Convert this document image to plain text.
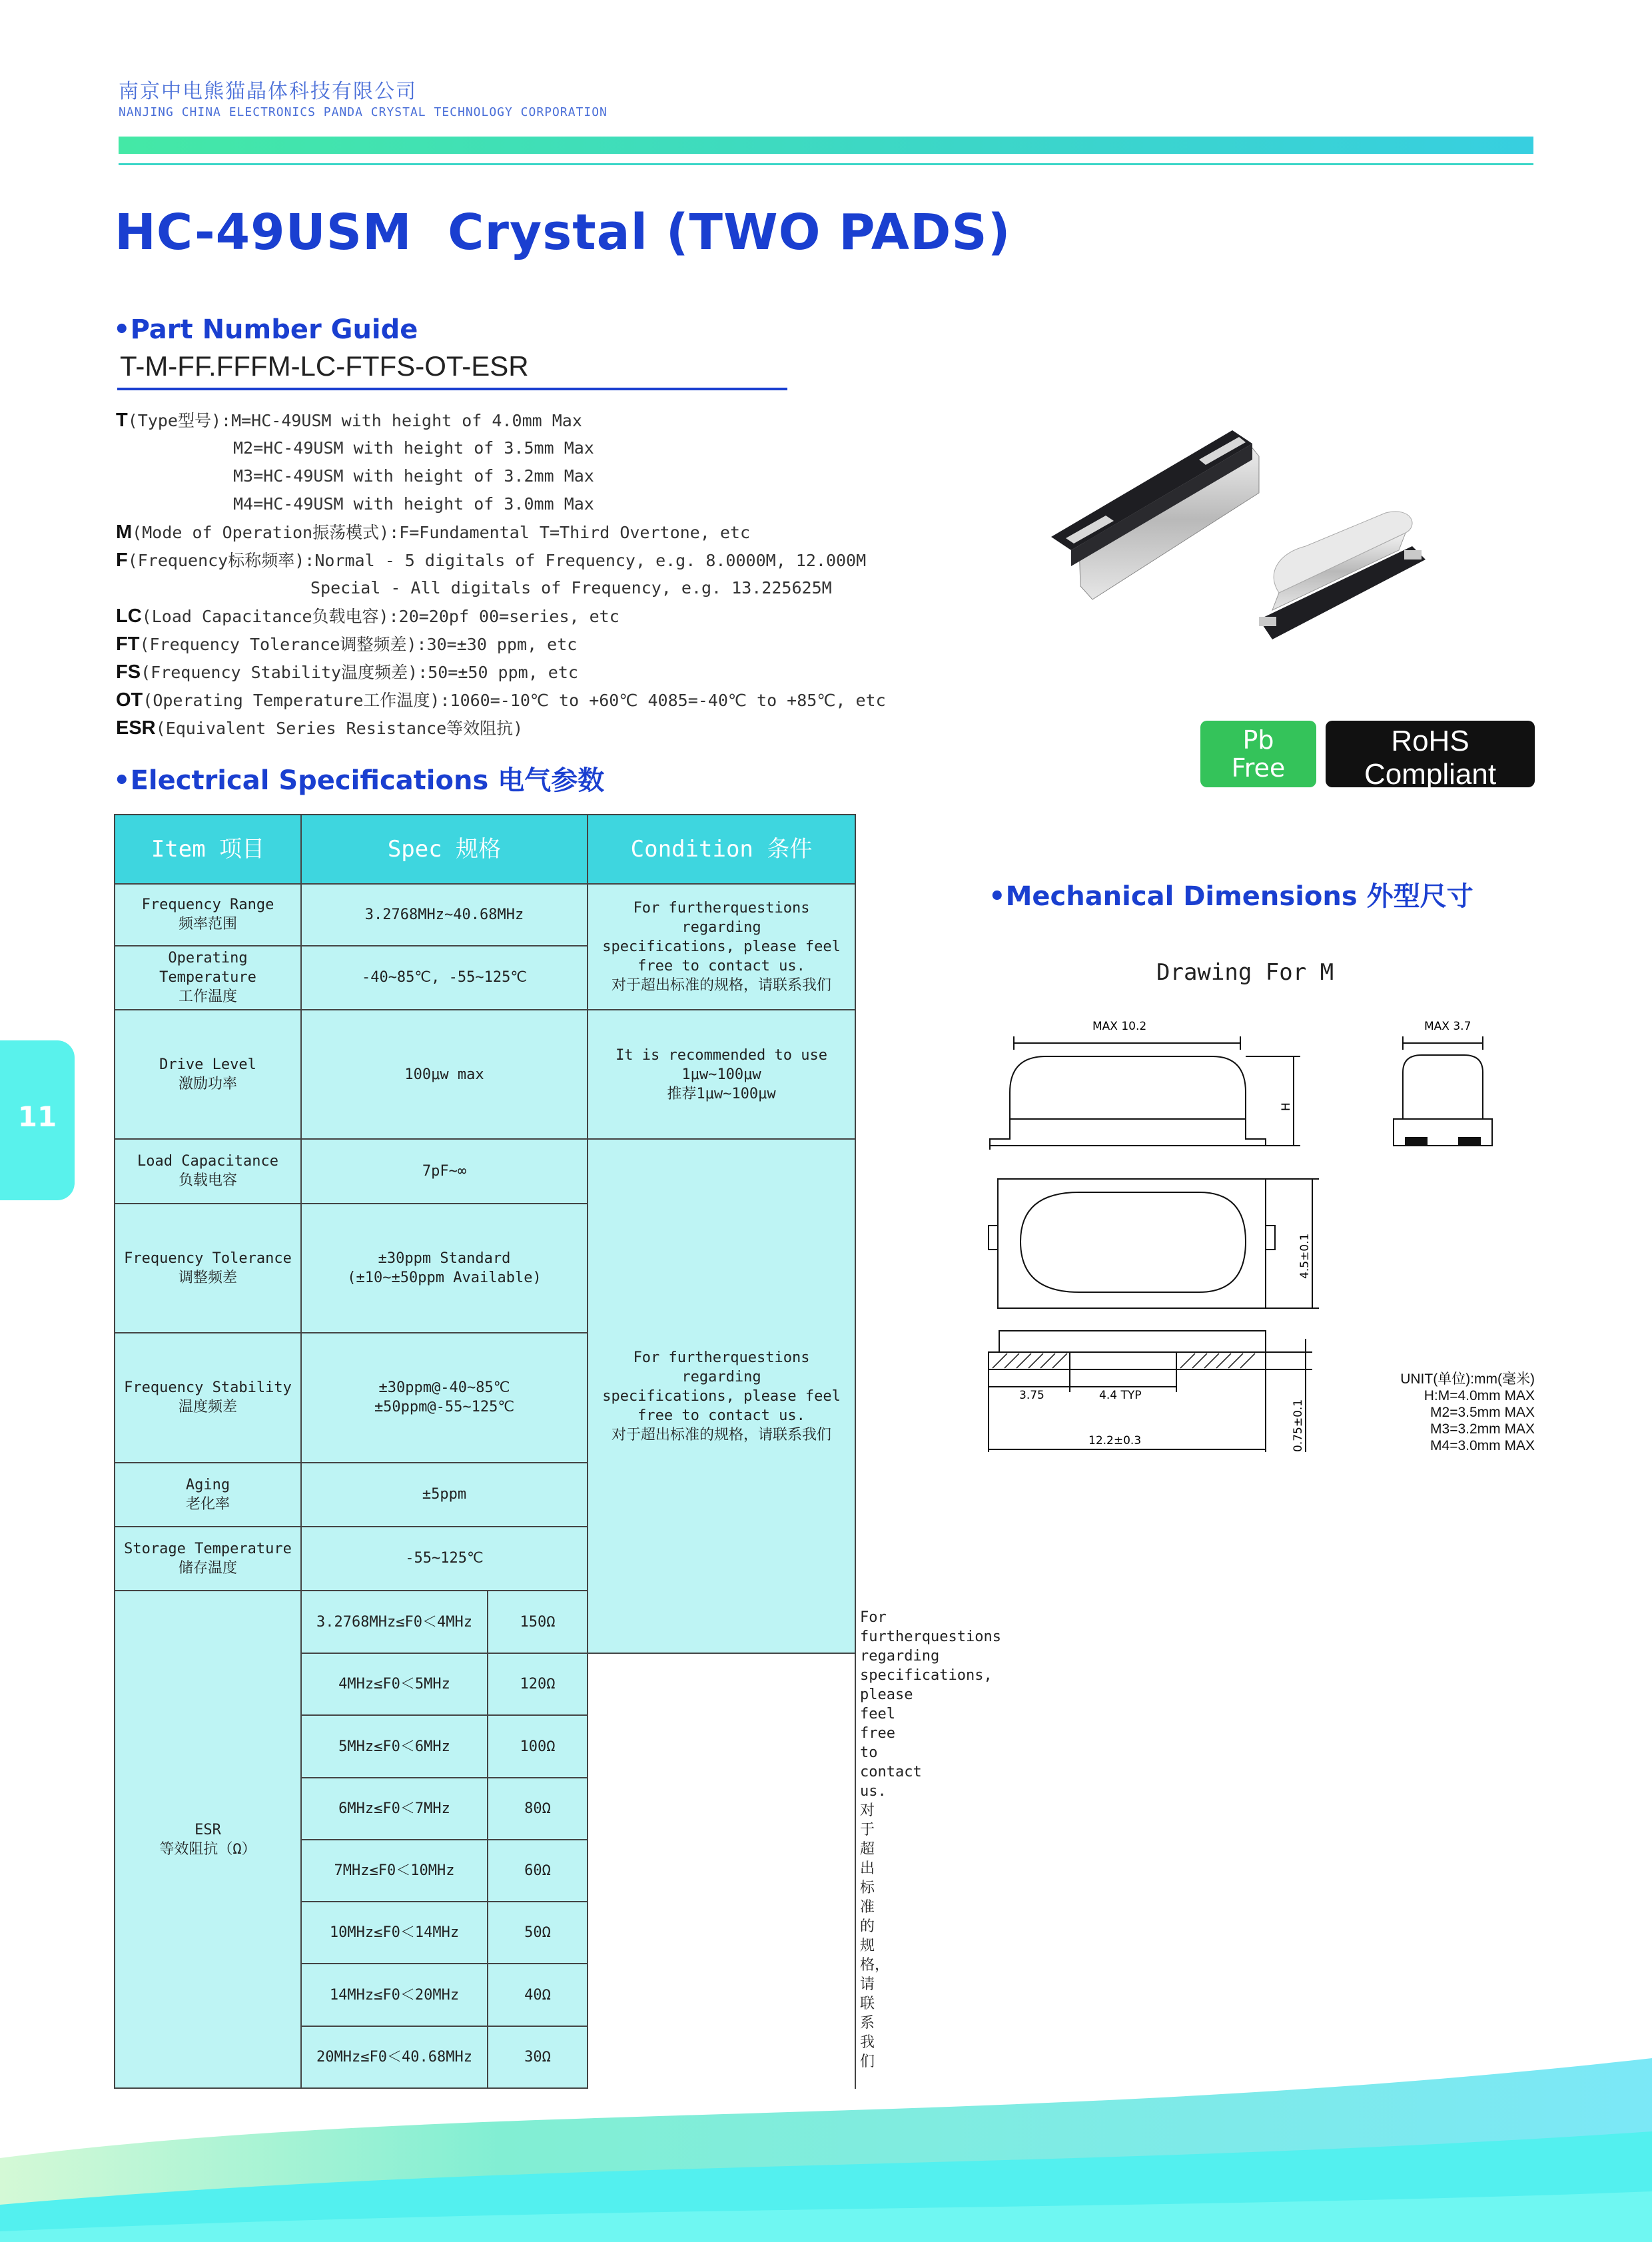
南京中电熊猫晶体科技有限公司
NANJING CHINA ELECTRONICS PANDA CRYSTAL TECHNOLOGY CORPORATION
HC-49USM  Crystal (TWO PADS)
•Part Number Guide
T-M-FF.FFFM-LC-FTFS-OT-ESR
T(Type型号):M=HC-49USM with height of 4.0mm Max
M2=HC-49USM with height of 3.5mm Max
M3=HC-49USM with height of 3.2mm Max
M4=HC-49USM with height of 3.0mm Max
M(Mode of Operation振荡模式):F=Fundamental T=Third Overtone, etc
F(Frequency标称频率):Normal - 5 digitals of Frequency, e.g. 8.0000M, 12.000M
Special - All digitals of Frequency, e.g. 13.225625M
LC(Load Capacitance负载电容):20=20pf 00=series, etc
FT(Frequency Tolerance调整频差):30=±30 ppm, etc
FS(Frequency Stability温度频差):50=±50 ppm, etc
OT(Operating Temperature工作温度):1060=-10℃ to +60℃ 4085=-40℃ to +85℃, etc
ESR(Equivalent Series Resistance等效阻抗)
•Electrical Specifications 电气参数
Item 项目	Spec 规格		Condition 条件	
Frequency Range
频率范围	3.2768MHz~40.68MHz		For furtherquestions regarding
specifications, please feel
free to contact us.
对于超出标准的规格，请联系我们	
Operating Temperature
工作温度	-40~85℃, -55~125℃			
Drive Level
激励功率	100μw max		It is recommended to use
1μw~100μw
推荐1μw~100μw	
Load Capacitance
负载电容	7pF~∞		For furtherquestions regarding
specifications, please feel
free to contact us.
对于超出标准的规格，请联系我们	
Frequency Tolerance
调整频差	±30ppm Standard
(±10~±50ppm Available)			
Frequency Stability
温度频差	±30ppm@-40~85℃
±50ppm@-55~125℃			
Aging
老化率	±5ppm			
Storage Temperature
储存温度	-55~125℃			
ESR
等效阻抗（Ω）	3.2768MHz≤F0＜4MHz	150Ω		For furtherquestions regarding
specifications, please feel
free to contact us.
对于超出标准的规格，请联系我们
	4MHz≤F0＜5MHz	120Ω		
	5MHz≤F0＜6MHz	100Ω		
	6MHz≤F0＜7MHz	80Ω		
	7MHz≤F0＜10MHz	60Ω		
	10MHz≤F0＜14MHz	50Ω		
	14MHz≤F0＜20MHz	40Ω		
	20MHz≤F0＜40.68MHz	30Ω		
11
Pb
Free
RoHS Compliant
Directive 2002/95/EC
•Mechanical Dimensions 外型尺寸
Drawing For M
MAX 10.2	MAX 3.7
H
4.5±0.1
3.75	4.4 TYP
12.2±0.3	0.75±0.1
UNIT(单位):mm(毫米)
H:M=4.0mm MAX
M2=3.5mm MAX
M3=3.2mm MAX
M4=3.0mm MAX
